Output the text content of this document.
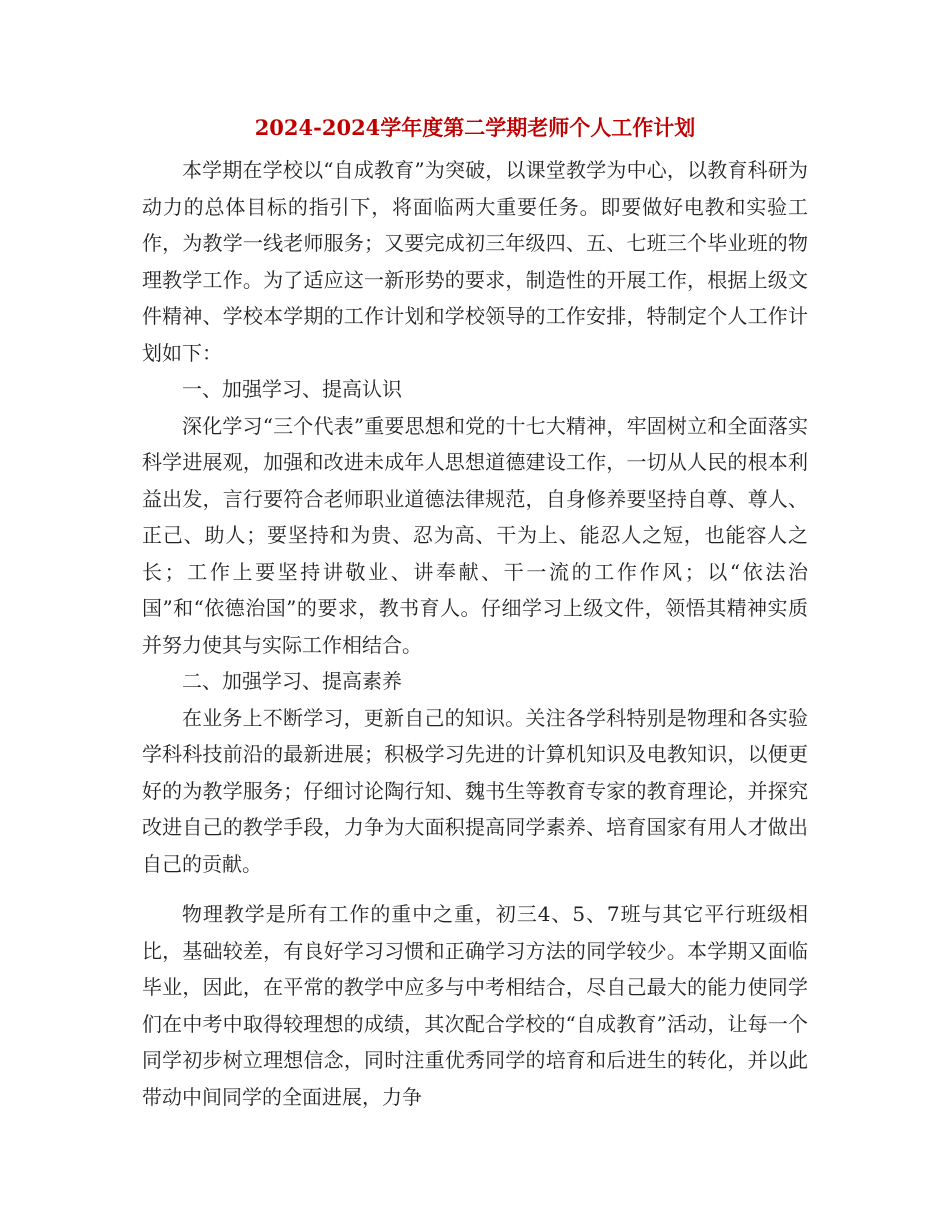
2024-2024学年度第二学期老师个人工作计划

本学期在学校以“自成教育”为突破，以课堂教学为中心，以教育科研为动力的总体目标的指引下，将面临两大重要任务。即要做好电教和实验工作，为教学一线老师服务；又要完成初三年级四、五、七班三个毕业班的物理教学工作。为了适应这一新形势的要求，制造性的开展工作，根据上级文件精神、学校本学期的工作计划和学校领导的工作安排，特制定个人工作计划如下：

一、加强学习、提高认识

深化学习“三个代表”重要思想和党的十七大精神，牢固树立和全面落实科学进展观，加强和改进未成年人思想道德建设工作，一切从人民的根本利益出发，言行要符合老师职业道德法律规范，自身修养要坚持自尊、尊人、正己、助人；要坚持和为贵、忍为高、干为上、能忍人之短，也能容人之长；工作上要坚持讲敬业、讲奉献、干一流的工作作风；以“依法治国”和“依德治国”的要求，教书育人。仔细学习上级文件，领悟其精神实质并努力使其与实际工作相结合。

二、加强学习、提高素养

在业务上不断学习，更新自己的知识。关注各学科特别是物理和各实验学科科技前沿的最新进展；积极学习先进的计算机知识及电教知识，以便更好的为教学服务；仔细讨论陶行知、魏书生等教育专家的教育理论，并探究改进自己的教学手段，力争为大面积提高同学素养、培育国家有用人才做出自己的贡献。

物理教学是所有工作的重中之重，初三4、5、7班与其它平行班级相比，基础较差，有良好学习习惯和正确学习方法的同学较少。本学期又面临毕业，因此，在平常的教学中应多与中考相结合，尽自己最大的能力使同学们在中考中取得较理想的成绩，其次配合学校的“自成教育”活动，让每一个同学初步树立理想信念，同时注重优秀同学的培育和后进生的转化，并以此带动中间同学的全面进展，力争
